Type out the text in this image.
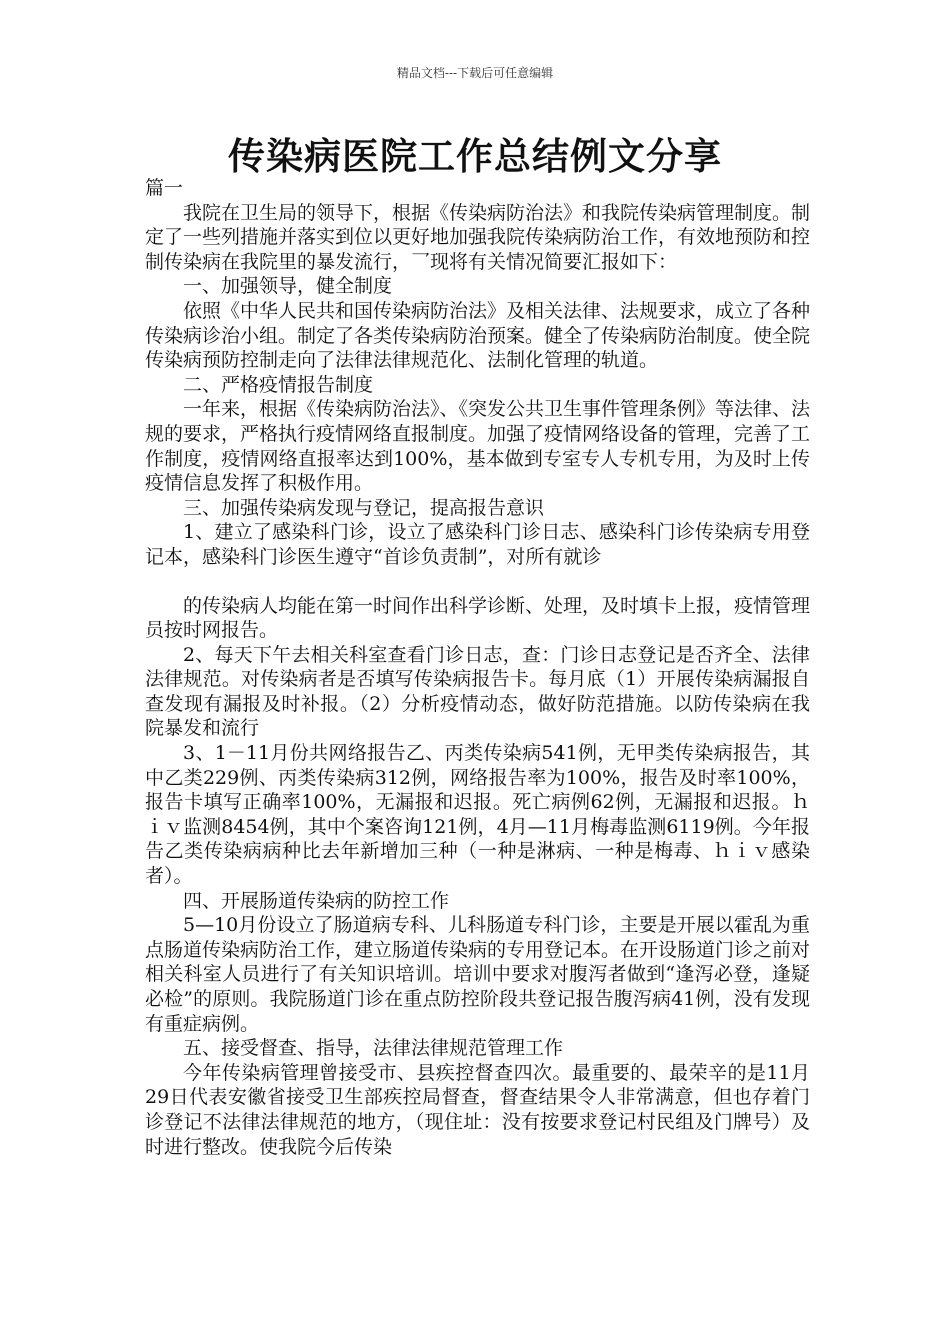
精品文档---下载后可任意编辑
传染病医院工作总结例文分享

篇一

我院在卫生局的领导下，根据《传染病防治法》和我院传染病管理制度。制定了一些列措施并落实到位以更好地加强我院传染病防治工作，有效地预防和控制传染病在我院里的暴发流行，乛现将有关情况简要汇报如下：

一、加强领导，健全制度

依照《中华人民共和国传染病防治法》及相关法律、法规要求，成立了各种传染病诊治小组。制定了各类传染病防治预案。健全了传染病防治制度。使全院传染病预防控制走向了法律法律规范化、法制化管理的轨道。

二、严格疫情报告制度

一年来，根据《传染病防治法》、《突发公共卫生事件管理条例》等法律、法规的要求，严格执行疫情网络直报制度。加强了疫情网络设备的管理，完善了工作制度，疫情网络直报率达到100%，基本做到专室专人专机专用，为及时上传疫情信息发挥了积极作用。

三、加强传染病发现与登记，提高报告意识

1、建立了感染科门诊，设立了感染科门诊日志、感染科门诊传染病专用登记本，感染科门诊医生遵守“首诊负责制”，对所有就诊

的传染病人均能在第一时间作出科学诊断、处理，及时填卡上报，疫情管理员按时网报告。

2、每天下午去相关科室查看门诊日志，查：门诊日志登记是否齐全、法律法律规范。对传染病者是否填写传染病报告卡。每月底（1）开展传染病漏报自查发现有漏报及时补报。（2）分析疫情动态，做好防范措施。以防传染病在我院暴发和流行

3、1－11月份共网络报告乙、丙类传染病541例，无甲类传染病报告，其中乙类229例、丙类传染病312例，网络报告率为100%，报告及时率100%，报告卡填写正确率100%，无漏报和迟报。死亡病例62例，无漏报和迟报。ｈｉｖ监测8454例，其中个案咨询121例，4月—11月梅毒监测6119例。今年报告乙类传染病病种比去年新增加三种（一种是淋病、一种是梅毒、ｈｉｖ感染者）。

四、开展肠道传染病的防控工作

5—10月份设立了肠道病专科、儿科肠道专科门诊，主要是开展以霍乱为重点肠道传染病防治工作，建立肠道传染病的专用登记本。在开设肠道门诊之前对相关科室人员进行了有关知识培训。培训中要求对腹泻者做到“逢泻必登，逢疑必检”的原则。我院肠道门诊在重点防控阶段共登记报告腹泻病41例，没有发现有重症病例。

五、接受督查、指导，法律法律规范管理工作

今年传染病管理曾接受市、县疾控督查四次。最重要的、最荣辛的是11月29日代表安徽省接受卫生部疾控局督查，督查结果令人非常满意，但也存着门诊登记不法律法律规范的地方，（现住址：没有按要求登记村民组及门牌号）及时进行整改。使我院今后传染
